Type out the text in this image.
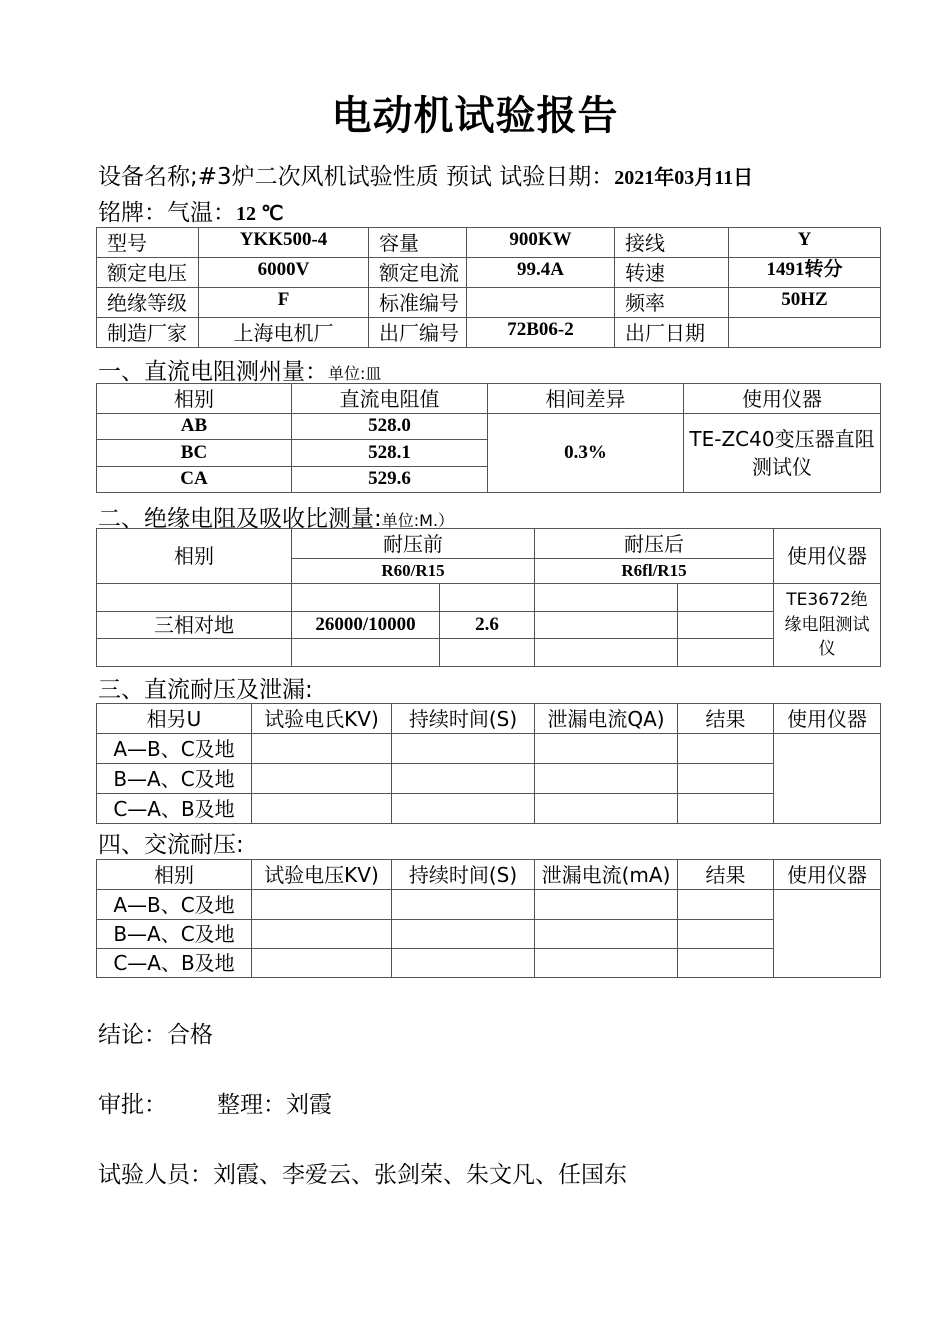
电动机试验报告
设备名称;#3炉二次风机试验性质 预试 试验日期：2021年03月11日
铭牌：气温：12 ℃
型号	YKK500-4	容量	900KW	接线	Y
额定电压	6000V	额定电流	99.4A	转速	1491转分
绝缘等级	F	标准编号		频率	50HZ
制造厂家	上海电机厂	出厂编号	72B06-2	出厂日期	
一、直流电阻测州量：单位:皿
相别	直流电阻值	相间差异	使用仪器
AB	528.0	0.3%	TE-ZC40变压器直阻测试仪
BC	528.1		
CA	529.6		
二、绝缘电阻及吸收比测量:单位:M.）
相别	耐压前		耐压后		使用仪器
	R60/R15		R6fl/R15		
					TE3672绝缘电阻测试仪
三相对地	26000/10000	2.6			

三、直流耐压及泄漏:
相另U	试验电氏KV)	持续时间(S)	泄漏电流QA)	结果	使用仪器
A—B、C及地					
B—A、C及地					
C—A、B及地					
四、交流耐压:
相别	试验电压KV)	持续时间(S)	泄漏电流(mA)	结果	使用仪器
A—B、C及地					
B—A、C及地					
C—A、B及地					
结论：合格
审批： 整理：刘霞
试验人员：刘霞、李爱云、张剑荣、朱文凡、任国东
